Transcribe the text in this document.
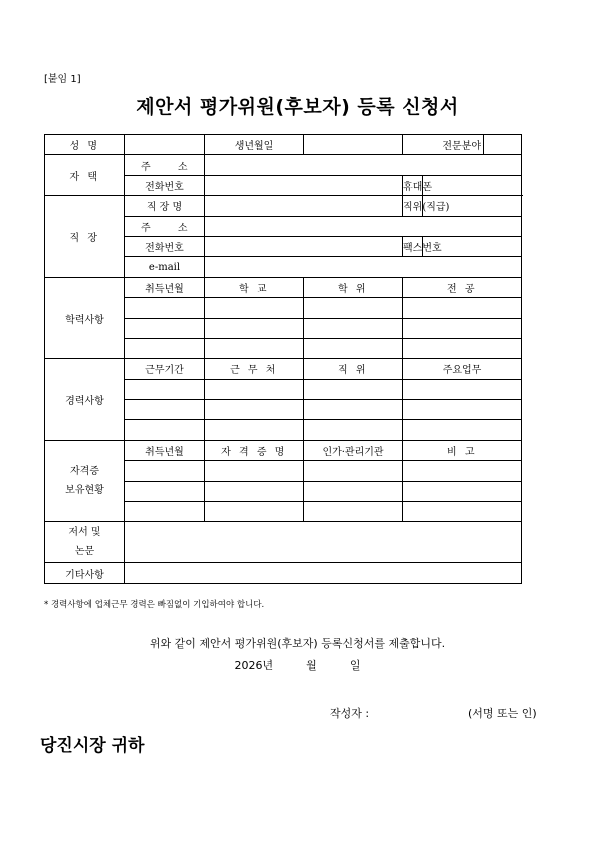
[붙임 1]
제안서 평가위원(후보자) 등록 신청서
성 명		생년월일		전문분야		
자 택	주 소					
	전화번호			휴대폰		
직 장	직 장 명			직위(직급)		
	주 소					
	전화번호			팩스번호		
	e-mail					
학력사항	취득년월	학 교	학 위	전 공		

경력사항	근무기간	근 무 처	직 위	주요업무		

자격증
보유현황	취득년월	자 격 증 명	인가·관리기관	비 고		

저서 및
논문						
기타사항						
* 경력사항에 업체근무 경력은 빠짐없이 기입하여야 합니다.
위와 같이 제안서 평가위원(후보자) 등록신청서를 제출합니다.
2026년	월	일
작성자 :	(서명 또는 인)
당진시장 귀하
